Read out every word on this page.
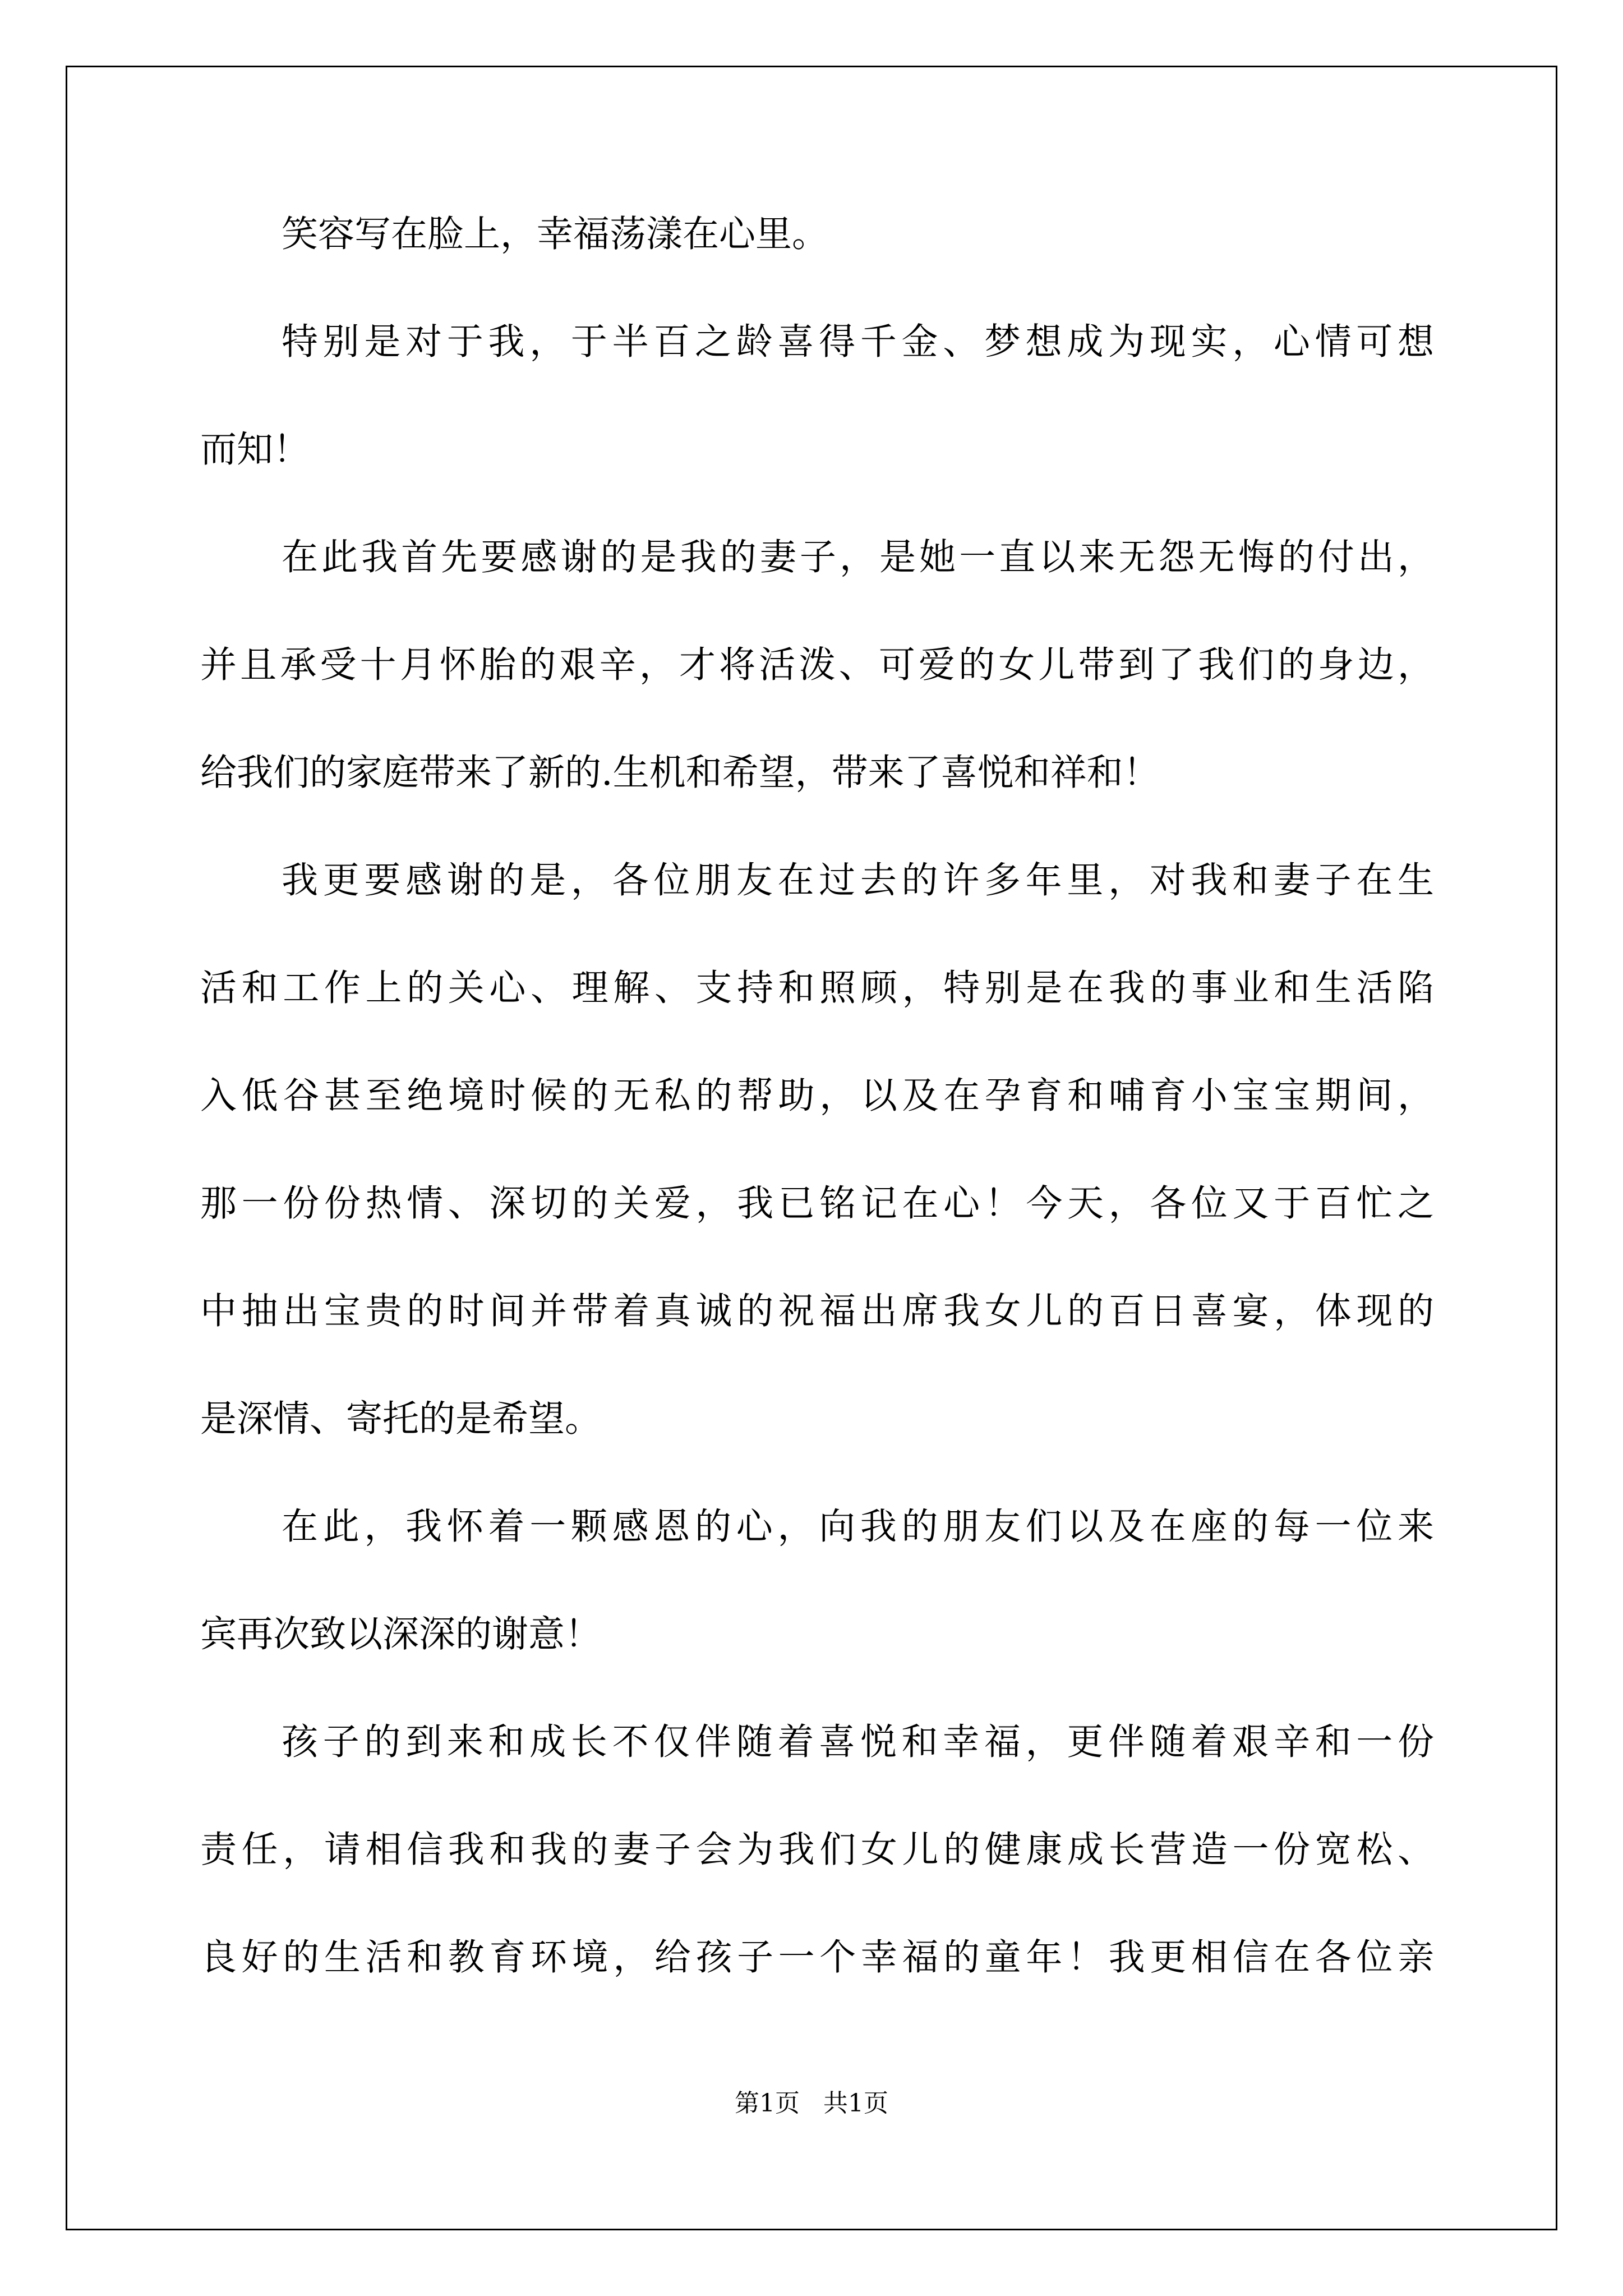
笑容写在脸上，幸福荡漾在心里。

特别是对于我，于半百之龄喜得千金、梦想成为现实，心情可想

而知！

在此我首先要感谢的是我的妻子，是她一直以来无怨无悔的付出，

并且承受十月怀胎的艰辛，才将活泼、可爱的女儿带到了我们的身边，

给我们的家庭带来了新的.生机和希望，带来了喜悦和祥和！

我更要感谢的是，各位朋友在过去的许多年里，对我和妻子在生

活和工作上的关心、理解、支持和照顾，特别是在我的事业和生活陷

入低谷甚至绝境时候的无私的帮助，以及在孕育和哺育小宝宝期间，

那一份份热情、深切的关爱，我已铭记在心！今天，各位又于百忙之

中抽出宝贵的时间并带着真诚的祝福出席我女儿的百日喜宴，体现的

是深情、寄托的是希望。

在此，我怀着一颗感恩的心，向我的朋友们以及在座的每一位来

宾再次致以深深的谢意！

孩子的到来和成长不仅伴随着喜悦和幸福，更伴随着艰辛和一份

责任，请相信我和我的妻子会为我们女儿的健康成长营造一份宽松、

良好的生活和教育环境，给孩子一个幸福的童年！我更相信在各位亲

第1页   共1页
